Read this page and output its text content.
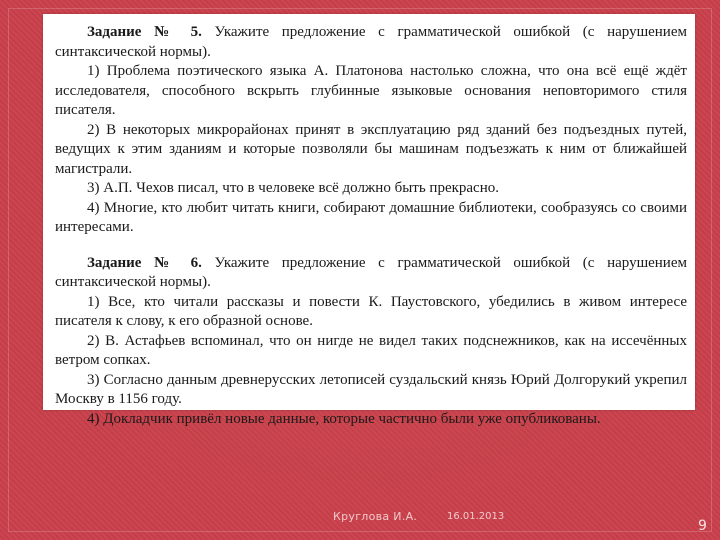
Задание № 5. Укажите предложение с грамматической ошибкой (с нарушением синтаксической нормы).

1) Проблема поэтического языка А. Платонова настолько сложна, что она всё ещё ждёт исследователя, способного вскрыть глубинные языковые основания неповторимого стиля писателя.

2) В некоторых микрорайонах принят в эксплуатацию ряд зданий без подъездных путей, ведущих к этим зданиям и которые позволяли бы машинам подъезжать к ним от ближайшей магистрали.

3) А.П. Чехов писал, что в человеке всё должно быть прекрасно.

4) Многие, кто любит читать книги, собирают домашние библиотеки, сообразуясь со своими интересами.

Задание № 6. Укажите предложение с грамматической ошибкой (с нарушением синтаксической нормы).

1) Все, кто читали рассказы и повести К. Паустовского, убедились в живом интересе писателя к слову, к его образной основе.

2) В. Астафьев вспоминал, что он нигде не видел таких подснежников, как на иссечённых ветром сопках.

3) Согласно данным древнерусских летописей суздальский князь Юрий Долгорукий укрепил Москву в 1156 году.

4) Докладчик привёл новые данные, которые частично были уже опубликованы.

Круглова И.А.	16.01.2013
9
